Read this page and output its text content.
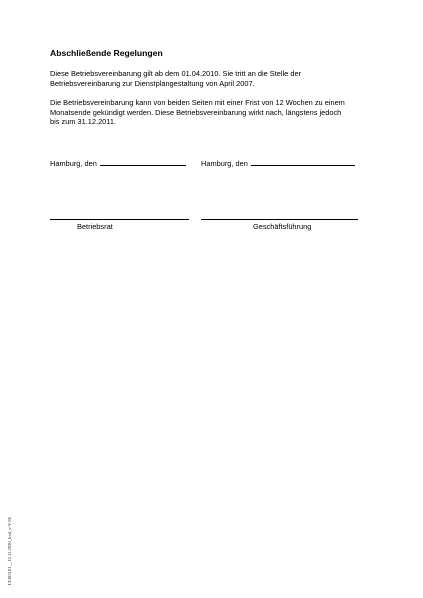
Abschließende Regelungen
Diese Betriebsvereinbarung gilt ab dem 01.04.2010. Sie tritt an die Stelle der
Betriebsvereinbarung zur Dienstplangestaltung von April 2007.
Die Betriebsvereinbarung kann von beiden Seiten mit einer Frist von 12 Wochen zu einem
Monatsende gekündigt werden. Diese Betriebsvereinbarung wirkt nach, längstens jedoch
bis zum 31.12.2011.
Hamburg, den	Hamburg, den
Betriebsrat	Geschäftsführung
LT.003.01__12.11.2020_kvd_v-V 85
